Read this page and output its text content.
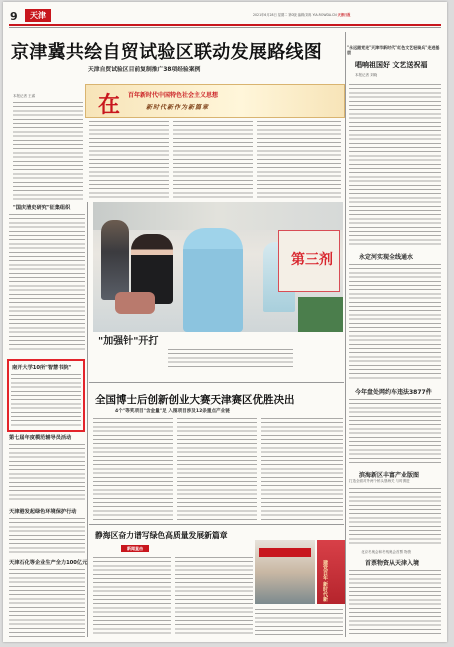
9	天津	2021年6月28日 星期二 第0版 编辑/刘冉 YIA.ROWDA.CN 天津日报
京津冀共绘自贸试验区联动发展路线图
天津自贸试验区目前复制推广38项经验案例
本报记者 王睿	在 百年新时代中国特色社会主义思想
新时代新作为新篇章
"永远跟党走"天津市新时代"红色文艺轻骑兵"走进基层
唱响祖国好 文艺送祝福
本报记者 刘晓
永定河实现全线通水
今年盘处网约车违法3877件
滨海新区丰富产业版图
打造全面对外两个桥头堡海关 与时俱进
北京冬奥会和冬残奥会首票 物资
首票物资从天津入境
"国庆清史研究"征集组织
南开大学10所"智慧书院"
第七届年度模范辅导员活动
天津港发起绿色环境保护行动
天津石化等企业生产全力100亿元
第三剂
"加强针"开打
全国博士后创新创业大赛天津赛区优胜决出
4个"等奖项目"含金量"足 入围项目涉及12条重点产业链
静海区奋力谱写绿色高质量发展新篇章
新闻直击
建党百年 新时代新
